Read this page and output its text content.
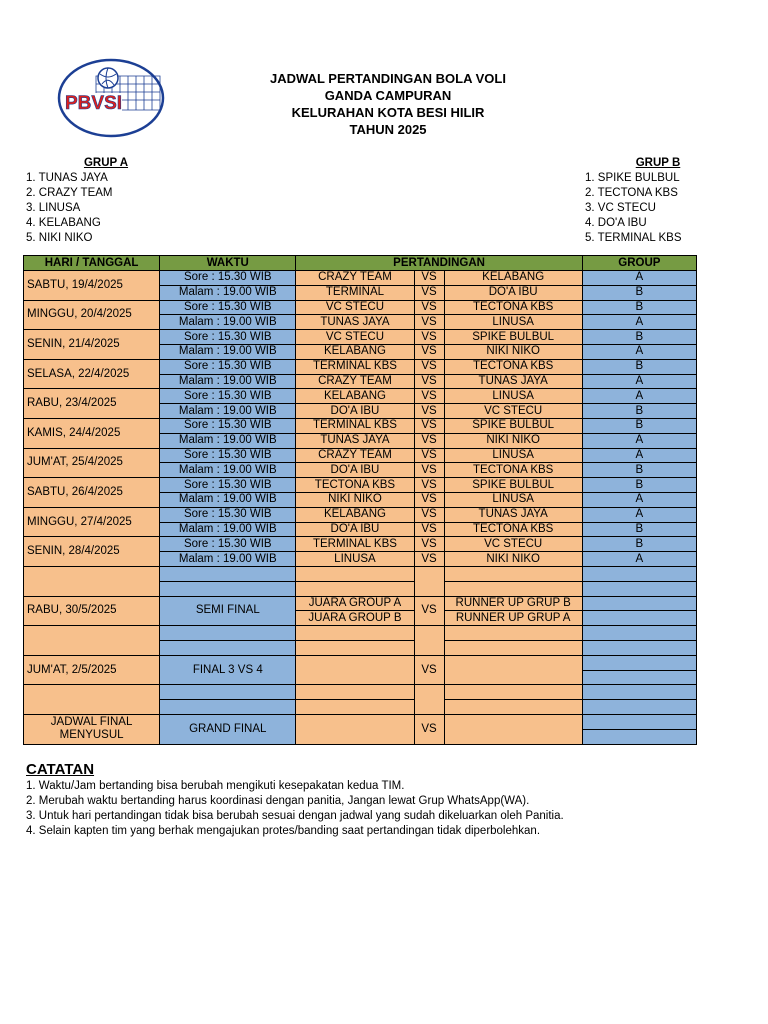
PBVSI
JADWAL PERTANDINGAN BOLA VOLI
GANDA CAMPURAN
KELURAHAN KOTA BESI HILIR
TAHUN 2025
GRUP A
1. TUNAS JAYA
2. CRAZY TEAM
3. LINUSA
4. KELABANG
5. NIKI NIKO
GRUP B
1. SPIKE BULBUL
2. TECTONA KBS
3. VC STECU
4. DO'A IBU
5. TERMINAL KBS
HARI / TANGGAL	WAKTU	PERTANDINGAN			GROUP
SABTU, 19/4/2025	Sore : 15.30 WIB	CRAZY TEAM	VS	KELABANG	A
	Malam : 19.00 WIB	TERMINAL	VS	DO'A IBU	B
MINGGU, 20/4/2025	Sore : 15.30 WIB	VC STECU	VS	TECTONA KBS	B
	Malam : 19.00 WIB	TUNAS JAYA	VS	LINUSA	A
SENIN, 21/4/2025	Sore : 15.30 WIB	VC STECU	VS	SPIKE BULBUL	B
	Malam : 19.00 WIB	KELABANG	VS	NIKI NIKO	A
SELASA, 22/4/2025	Sore : 15.30 WIB	TERMINAL KBS	VS	TECTONA KBS	B
	Malam : 19.00 WIB	CRAZY TEAM	VS	TUNAS JAYA	A
RABU, 23/4/2025	Sore : 15.30 WIB	KELABANG	VS	LINUSA	A
	Malam : 19.00 WIB	DO'A IBU	VS	VC STECU	B
KAMIS, 24/4/2025	Sore : 15.30 WIB	TERMINAL KBS	VS	SPIKE BULBUL	B
	Malam : 19.00 WIB	TUNAS JAYA	VS	NIKI NIKO	A
JUM'AT, 25/4/2025	Sore : 15.30 WIB	CRAZY TEAM	VS	LINUSA	A
	Malam : 19.00 WIB	DO'A IBU	VS	TECTONA KBS	B
SABTU, 26/4/2025	Sore : 15.30 WIB	TECTONA KBS	VS	SPIKE BULBUL	B
	Malam : 19.00 WIB	NIKI NIKO	VS	LINUSA	A
MINGGU, 27/4/2025	Sore : 15.30 WIB	KELABANG	VS	TUNAS JAYA	A
	Malam : 19.00 WIB	DO'A IBU	VS	TECTONA KBS	B
SENIN, 28/4/2025	Sore : 15.30 WIB	TERMINAL KBS	VS	VC STECU	B
	Malam : 19.00 WIB	LINUSA	VS	NIKI NIKO	A

RABU, 30/5/2025	SEMI FINAL	JUARA GROUP A	VS	RUNNER UP GRUP B	
		JUARA GROUP B		RUNNER UP GRUP A	

JUM'AT, 2/5/2025	FINAL 3 VS 4		VS		

JADWAL FINAL MENYUSUL	GRAND FINAL		VS		

CATATAN
1. Waktu/Jam bertanding bisa berubah mengikuti kesepakatan kedua TIM.
2. Merubah waktu bertanding harus koordinasi dengan panitia, Jangan lewat Grup WhatsApp(WA).
3. Untuk hari pertandingan tidak bisa berubah sesuai dengan jadwal yang sudah dikeluarkan oleh Panitia.
4. Selain kapten tim yang berhak mengajukan protes/banding saat pertandingan tidak diperbolehkan.
